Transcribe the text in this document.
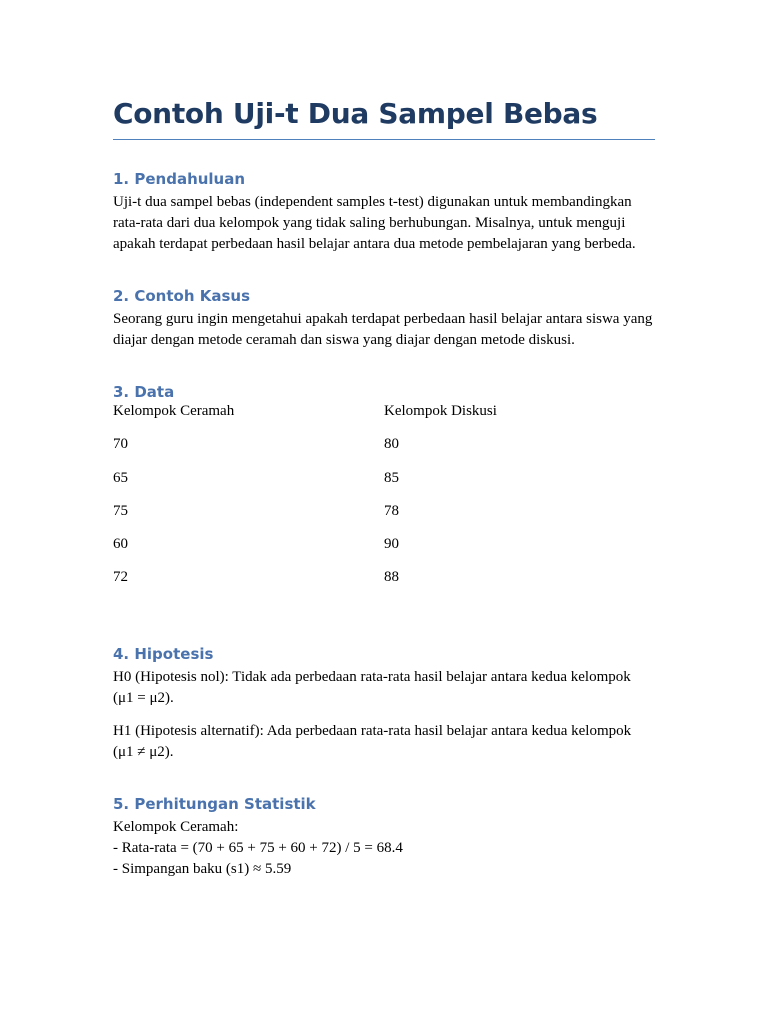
Contoh Uji-t Dua Sampel Bebas
1. Pendahuluan
Uji-t dua sampel bebas (independent samples t-test) digunakan untuk membandingkan
rata-rata dari dua kelompok yang tidak saling berhubungan. Misalnya, untuk menguji
apakah terdapat perbedaan hasil belajar antara dua metode pembelajaran yang berbeda.
2. Contoh Kasus
Seorang guru ingin mengetahui apakah terdapat perbedaan hasil belajar antara siswa yang
diajar dengan metode ceramah dan siswa yang diajar dengan metode diskusi.
3. Data
Kelompok Ceramah	Kelompok Diskusi
70	80
65	85
75	78
60	90
72	88
4. Hipotesis
H0 (Hipotesis nol): Tidak ada perbedaan rata-rata hasil belajar antara kedua kelompok
(μ1 = μ2).
H1 (Hipotesis alternatif): Ada perbedaan rata-rata hasil belajar antara kedua kelompok
(μ1 ≠ μ2).
5. Perhitungan Statistik
Kelompok Ceramah:
- Rata-rata = (70 + 65 + 75 + 60 + 72) / 5 = 68.4
- Simpangan baku (s1) ≈ 5.59
